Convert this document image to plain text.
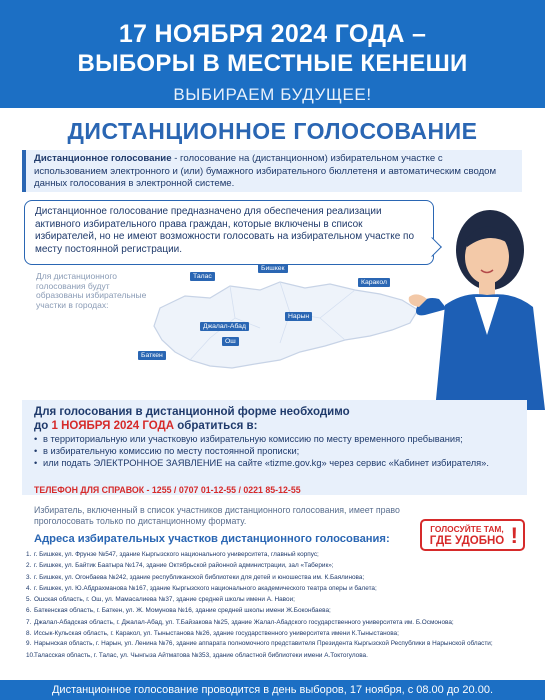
17 НОЯБРЯ 2024 ГОДА –
ВЫБОРЫ В МЕСТНЫЕ КЕНЕШИ
ВЫБИРАЕМ БУДУЩЕЕ!
ДИСТАНЦИОННОЕ ГОЛОСОВАНИЕ
Дистанционное голосование - голосование на (дистанционном) избирательном участке с использованием электронного и (или) бумажного избирательного бюллетеня и автоматическим сводом данных голосования в электронной системе.
Дистанционное голосование предназначено для обеспечения реализации активного избирательного права граждан, которые включены в список избирателей, но не имеют возможности голосовать на избирательном участке по месту постоянной регистрации.
Для дистанционного голосования будут образованы избирательные участки в городах:
Талас
Бишкек
Каракол
Нарын
Джалал-Абад
Ош
Баткен
Для голосования в дистанционной форме необходимо
до 1 НОЯБРЯ 2024 ГОДА обратиться в:
• в территориальную или участковую избирательную комиссию по месту временного пребывания;
• в избирательную комиссию по месту постоянной прописки;
• или подать ЭЛЕКТРОННОЕ ЗАЯВЛЕНИЕ на сайте «tizme.gov.kg» через сервис «Кабинет избирателя».
ТЕЛЕФОН ДЛЯ СПРАВОК - 1255 / 0707 01-12-55 / 0221 85-12-55
Избиратель, включенный в список участников дистанционного голосования, имеет право проголосовать только по дистанционному формату.
ГОЛОСУЙТЕ ТАМ,
ГДЕ УДОБНО !
Адреса избирательных участков дистанционного голосования:
1. г. Бишкек, ул. Фрунзе №547, здание Кыргызского национального университета, главный корпус;
2. г. Бишкек, ул. Байтик Баатыра №174, здание Октябрьской районной администрации, зал «Таберик»;
3. г. Бишкек, ул. Огонбаева №242, здание республиканской библиотеки для детей и юношества им. К.Баялинова;
4. г. Бишкек, ул. Ю.Абдрахманова №167, здание Кыргызского национального академического театра оперы и балета;
5. Ошская область, г. Ош, ул. Мамасалиева №37, здание средней школы имени А. Навои;
6. Баткенская область, г. Баткен, ул. Ж. Момунова №16, здание средней школы имени Ж.Боконбаева;
7. Джалал-Абадская область, г. Джалал-Абад, ул. Т.Байзакова №25, здание Жалал-Абадского государственного университета им. Б.Осмонова;
8. Иссык-Кульская область, г. Каракол, ул. Тыныстанова №26, здание государственного университета имени К.Тыныстанова;
9. Нарынская область, г. Нарын, ул. Ленина №76, здание аппарата полномочного представителя Президента Кыргызской Республики в Нарынской области;
10.Таласская область, г. Талас, ул. Чынгыза Айтматова №353, здание областной библиотеки имени А.Токтогулова.
Дистанционное голосование проводится в день выборов, 17 ноября, с 08.00 до 20.00.
